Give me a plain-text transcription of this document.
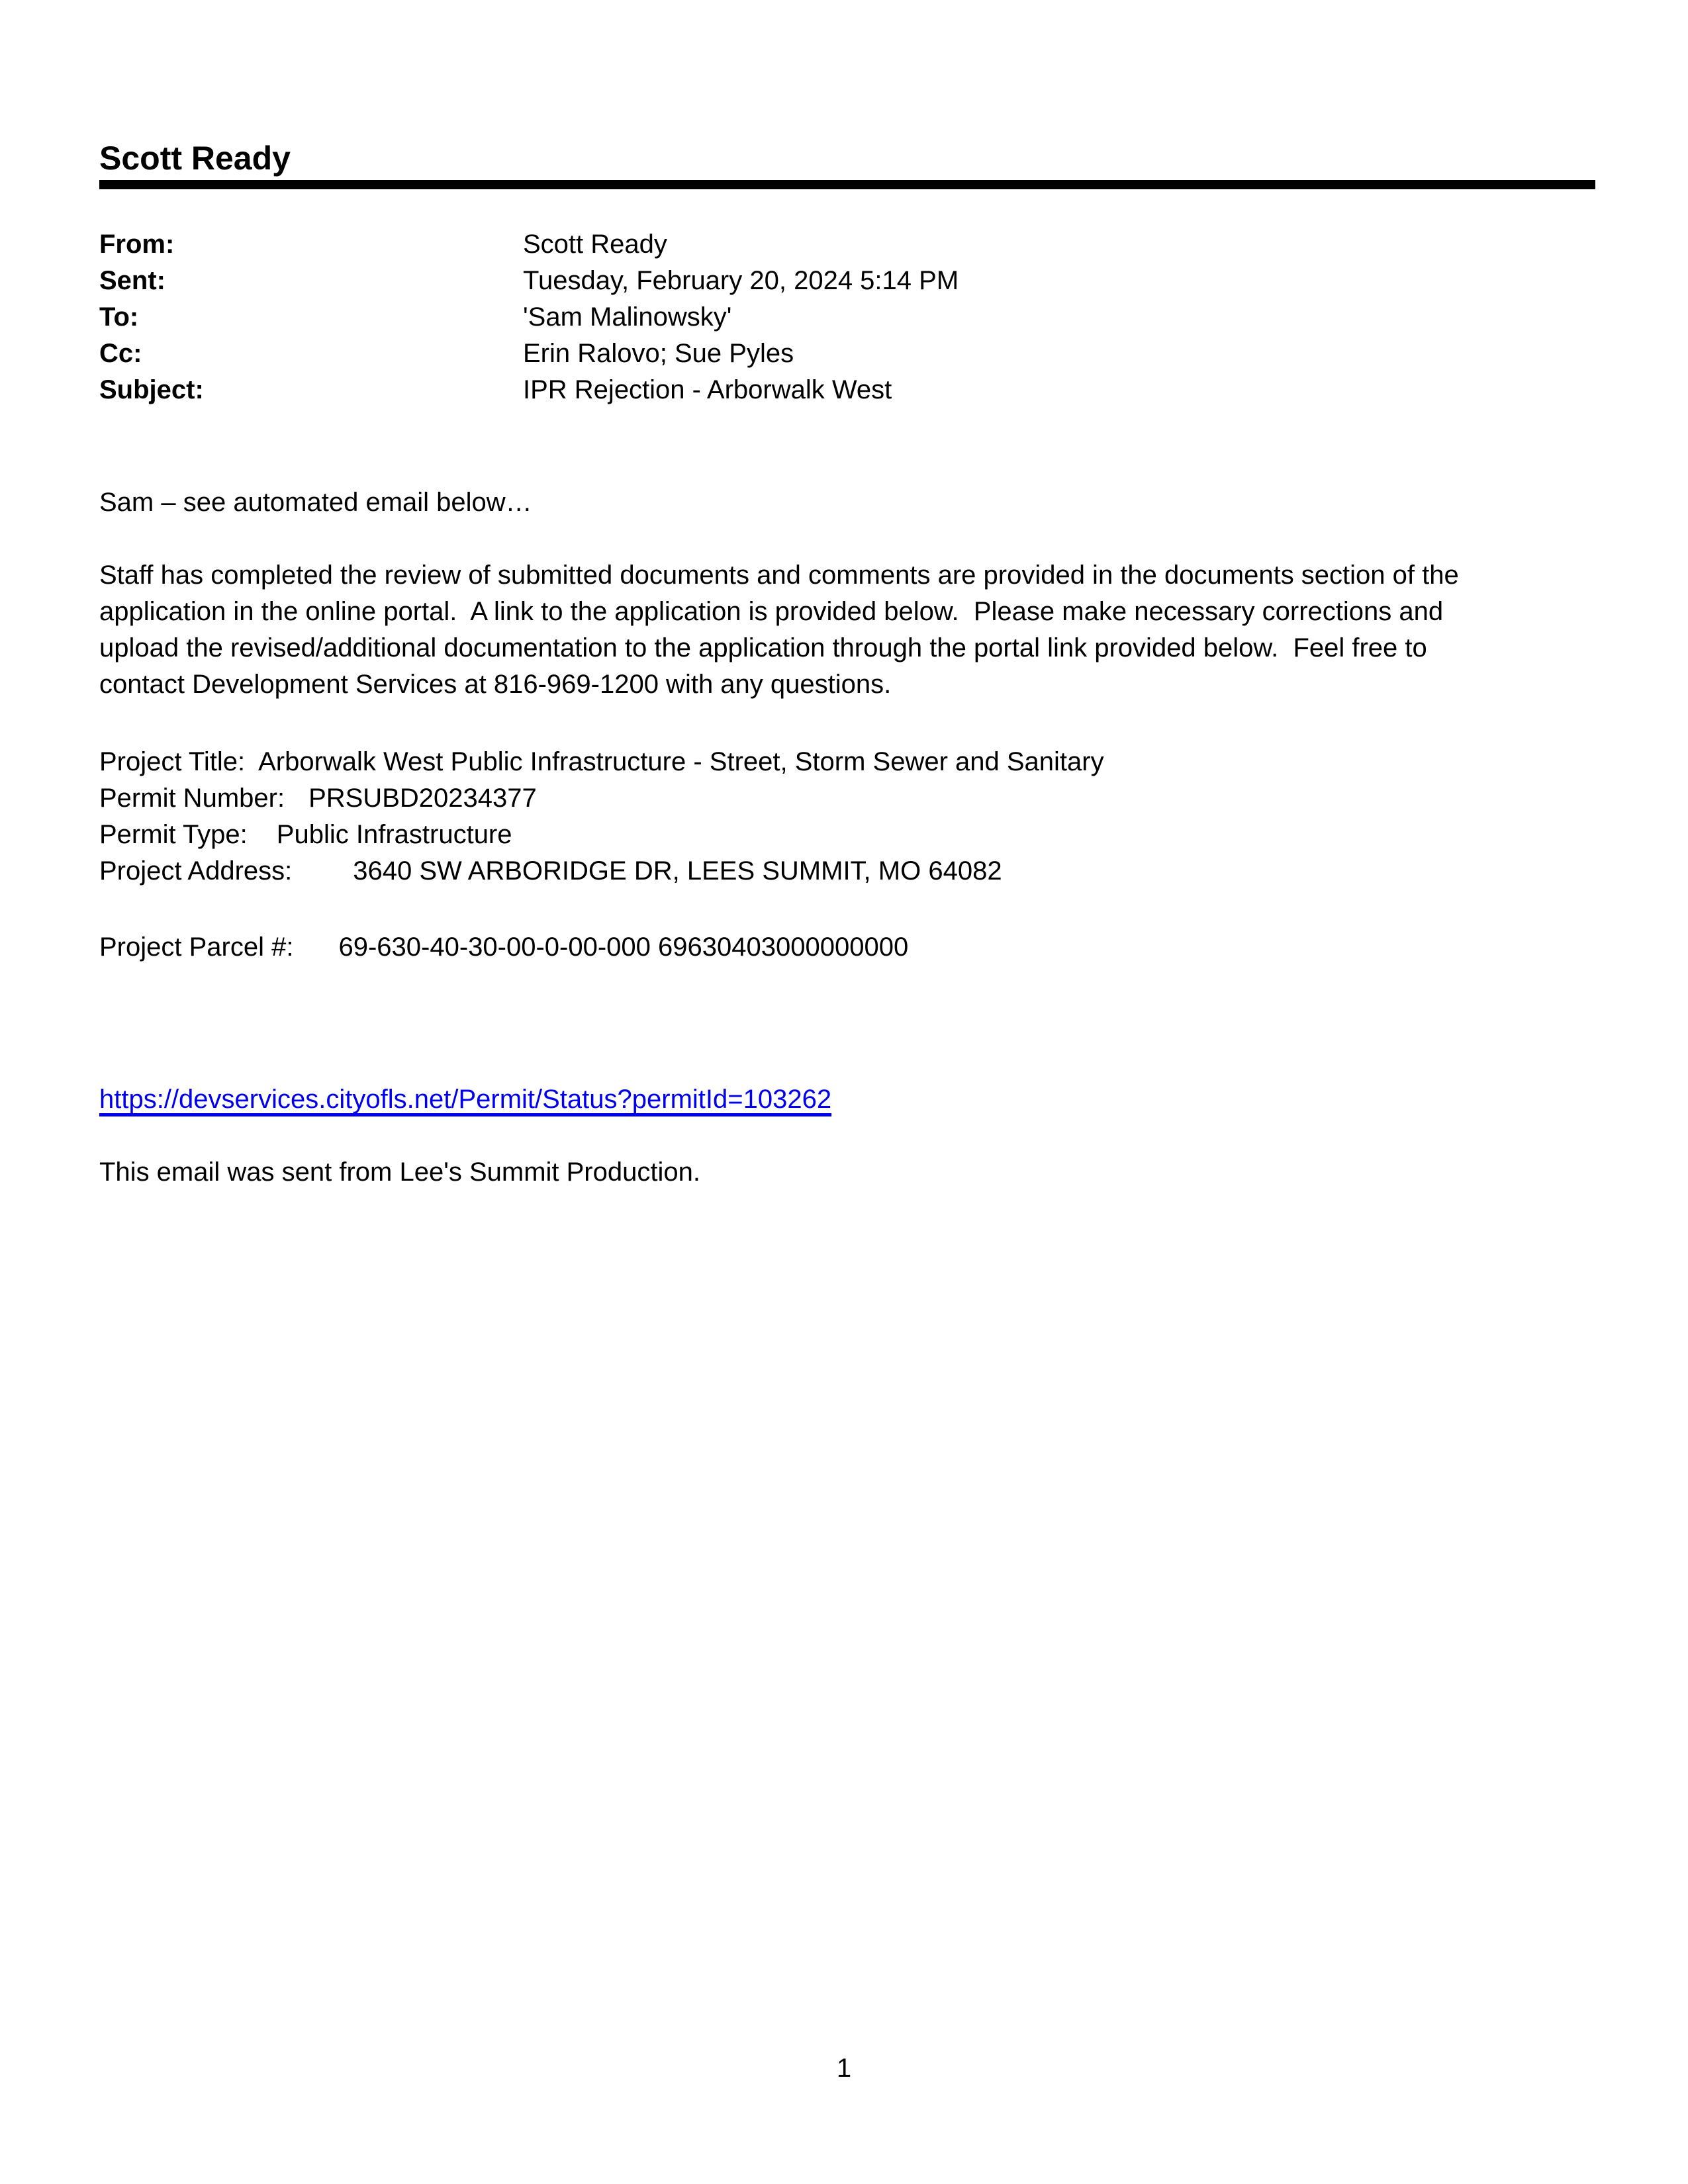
Scott Ready
From:	Scott Ready
Sent:	Tuesday, February 20, 2024 5:14 PM
To:	'Sam Malinowsky'
Cc:	Erin Ralovo; Sue Pyles
Subject:	IPR Rejection - Arborwalk West
Sam – see automated email below…
Staff has completed the review of submitted documents and comments are provided in the documents section of the
application in the online portal.  A link to the application is provided below.  Please make necessary corrections and
upload the revised/additional documentation to the application through the portal link provided below.  Feel free to
contact Development Services at 816-969-1200 with any questions.
Project Title: Arborwalk West Public Infrastructure - Street, Storm Sewer and Sanitary
Permit Number: PRSUBD20234377
Permit Type:	Public Infrastructure
Project Address:	3640 SW ARBORIDGE DR, LEES SUMMIT, MO 64082
Project Parcel #:	69-630-40-30-00-0-00-000 69630403000000000
https://devservices.cityofls.net/Permit/Status?permitId=103262
This email was sent from Lee's Summit Production.
1
